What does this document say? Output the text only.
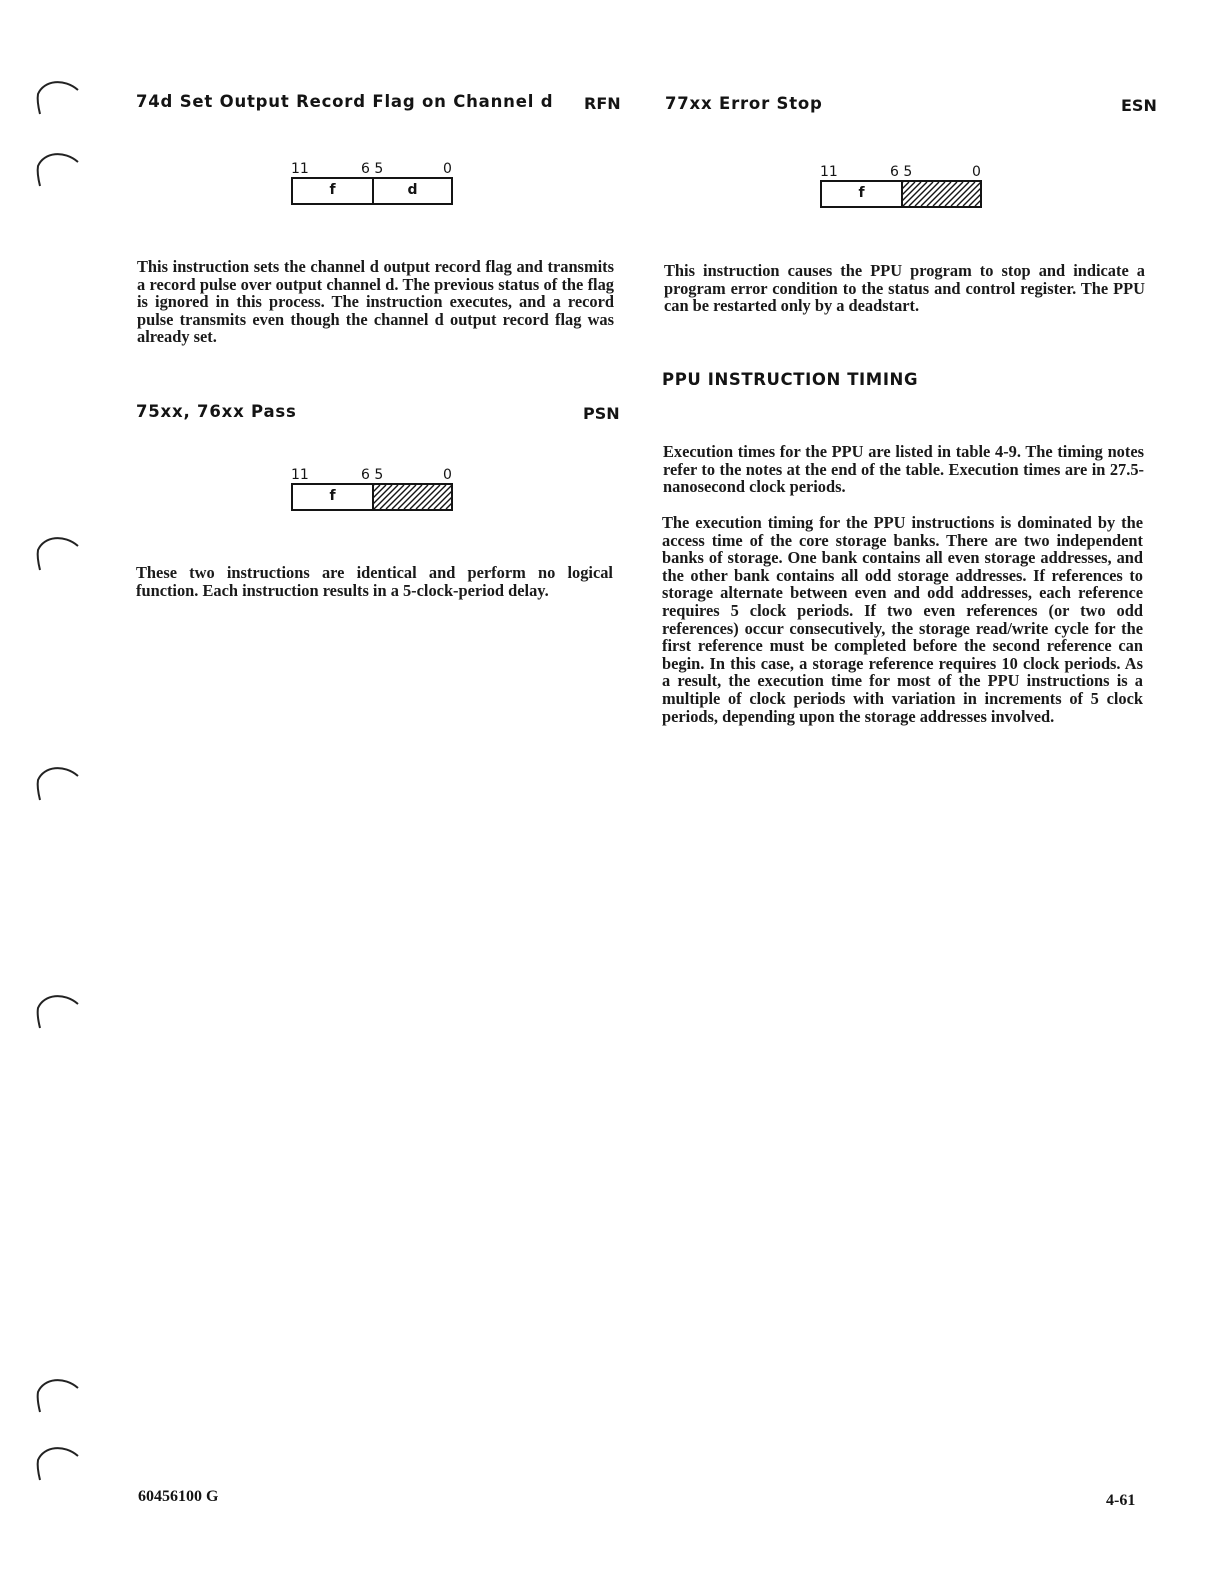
74d Set Output Record Flag on Channel d RFN
11	6 5	0
f	d

This instruction sets the channel d output record flag and transmits a record pulse over output channel d. The previous status of the flag is ignored in this process. The instruction executes, and a record pulse transmits even though the channel d output record flag was already set.

75xx, 76xx Pass	PSN
11	6 5	0
f

These two instructions are identical and perform no logical function. Each instruction results in a 5-clock-period delay.

77xx Error Stop	ESN
11	6 5	0
f

This instruction causes the PPU program to stop and indicate a program error condition to the status and control register. The PPU can be restarted only by a deadstart.

PPU INSTRUCTION TIMING

Execution times for the PPU are listed in table 4-9. The timing notes refer to the notes at the end of the table. Execution times are in 27.5-nanosecond clock periods.

The execution timing for the PPU instructions is dominated by the access time of the core storage banks. There are two independent banks of storage. One bank contains all even storage addresses, and the other bank contains all odd storage addresses. If references to storage alternate between even and odd addresses, each reference requires 5 clock periods. If two even references (or two odd references) occur consecutively, the storage read/write cycle for the first reference must be completed before the second reference can begin. In this case, a storage reference requires 10 clock periods. As a result, the execution time for most of the PPU instructions is a multiple of clock periods with variation in increments of 5 clock periods, depending upon the storage addresses involved.

60456100 G	4-61
